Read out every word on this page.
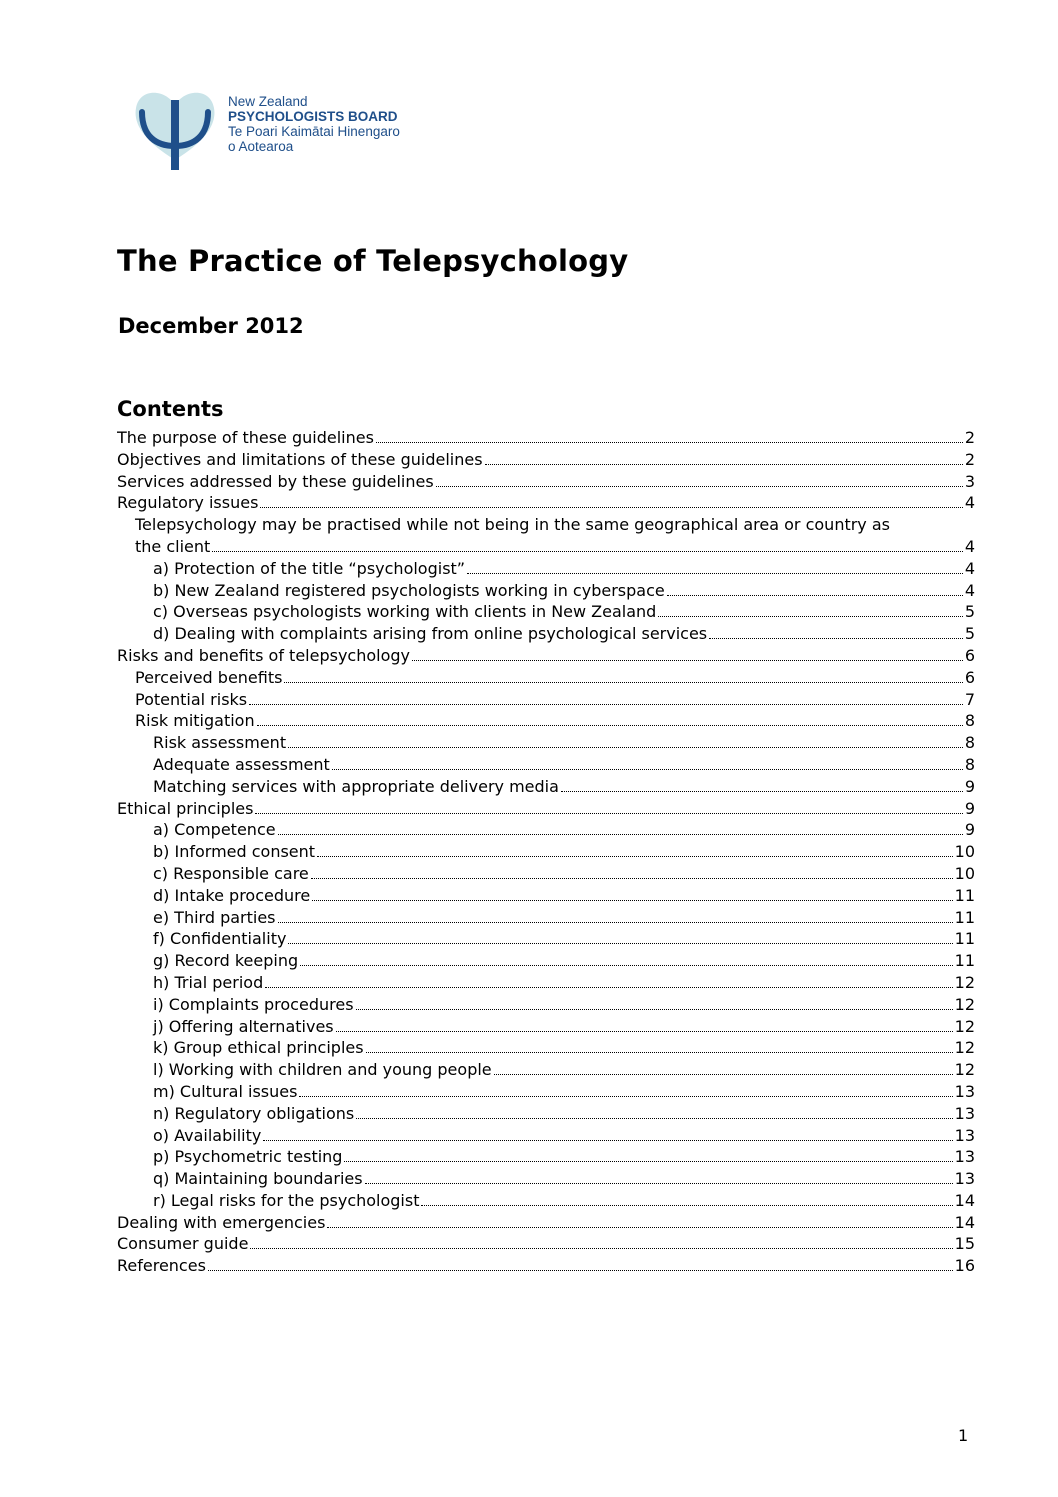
New Zealand
PSYCHOLOGISTS BOARD
Te Poari Kaimātai Hinengaro
o Aotearoa
The Practice of Telepsychology
December 2012
Contents
The purpose of these guidelines	2
Objectives and limitations of these guidelines	2
Services addressed by these guidelines	3
Regulatory issues	4
Telepsychology may be practised while not being in the same geographical area or country as
the client	4
a) Protection of the title “psychologist”	4
b) New Zealand registered psychologists working in cyberspace	4
c) Overseas psychologists working with clients in New Zealand	5
d) Dealing with complaints arising from online psychological services	5
Risks and benefits of telepsychology	6
Perceived benefits	6
Potential risks	7
Risk mitigation	8
Risk assessment	8
Adequate assessment	8
Matching services with appropriate delivery media	9
Ethical principles	9
a) Competence	9
b) Informed consent	10
c) Responsible care	10
d) Intake procedure	11
e) Third parties	11
f) Confidentiality	11
g) Record keeping	11
h) Trial period	12
i) Complaints procedures	12
j) Offering alternatives	12
k) Group ethical principles	12
l) Working with children and young people	12
m) Cultural issues	13
n) Regulatory obligations	13
o) Availability	13
p) Psychometric testing	13
q) Maintaining boundaries	13
r) Legal risks for the psychologist	14
Dealing with emergencies	14
Consumer guide	15
References	16
1
